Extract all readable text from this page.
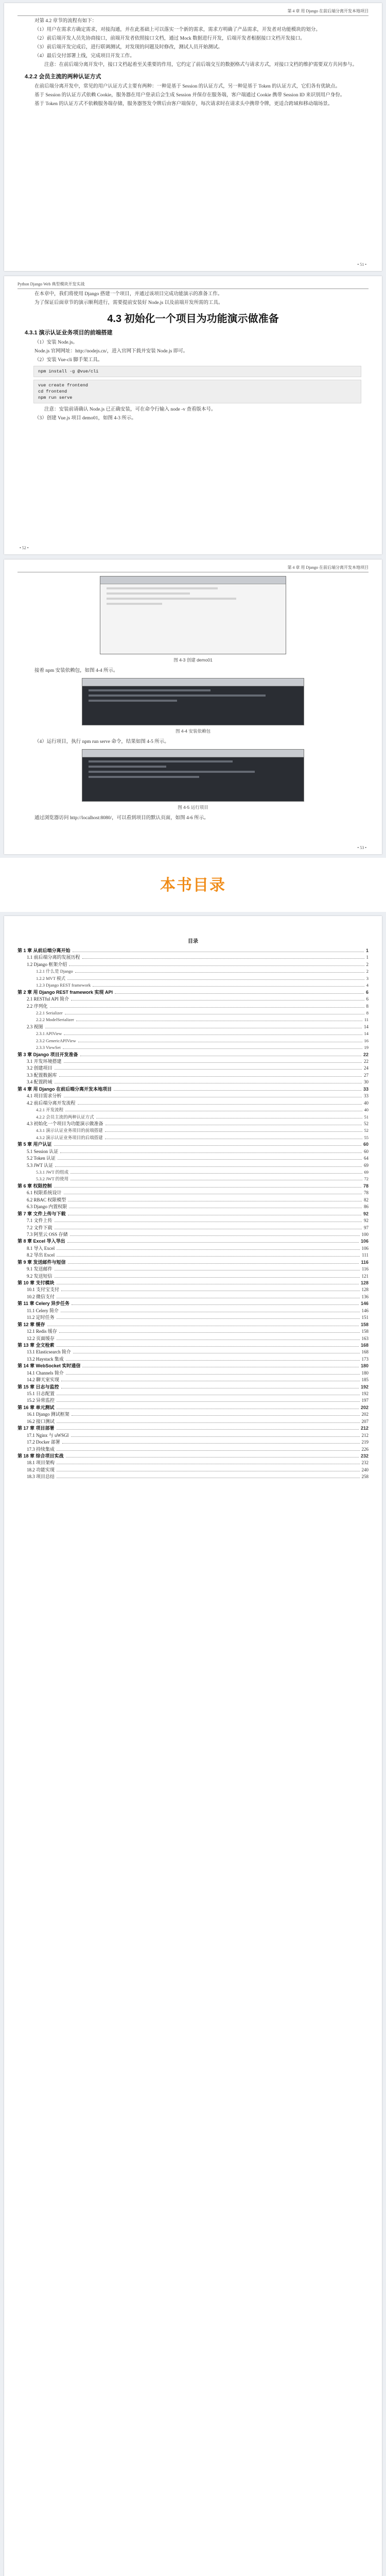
第 4 章 用 Django 在前后端分离开发本地项目

对第 4.2 章节的流程有如下：

（1）用户在需求方确定需求，对接沟通，并在此基础上可以落实一个新的需求，需求方明确了产品需求，开发者对功能模块的划分。

（2）前后端开发人员先协商接口，前端开发者依照接口文档，通过 Mock 数据进行开发，后端开发者根据接口文档开发接口。

（3）前后端开发完成后，进行联调测试，对发现的问题及时修改，测试人员开始测试。

（4）最后交付部署上线，完成项目开发工作。

注意：在前后端分离开发中，接口文档起着至关重要的作用，它约定了前后端交互的数据格式与请求方式，对接口文档的维护需要双方共同参与。

4.2.2 会员主流的两种认证方式

在前后端分离开发中，常见的用户认证方式主要有两种：一种是基于 Session 的认证方式，另一种是基于 Token 的认证方式，它们各有优缺点。

基于 Session 的认证方式依赖 Cookie，服务器在用户登录后会生成 Session 并保存在服务端，客户端通过 Cookie 携带 Session ID 来识别用户身份。

基于 Token 的认证方式不依赖服务端存储，服务器签发令牌后由客户端保存，每次请求时在请求头中携带令牌，更适合跨域和移动端场景。

• 51 •
Python Django Web 典型模块开发实战

在本章中，我们将使用 Django 搭建一个项目，并通过该项目完成功能演示的准备工作。

为了保证后面章节的演示顺利进行，需要提前安装好 Node.js 以及前端开发所需的工具。

4.3 初始化一个项目为功能演示做准备
4.3.1 演示认证业务项目的前端搭建

（1）安装 Node.js。

Node.js 官网网址：http://nodejs.cn/，进入官网下载并安装 Node.js 即可。

（2）安装 Vue-cli 脚手架工具。

npm install -g @vue/cli
vue create frontend
cd frontend
npm run serve

注意：安装前请确认 Node.js 已正确安装，可在命令行输入 node -v 查看版本号。

（3）创建 Vue.js 项目 demo01，如图 4-3 所示。

• 52 •
第 4 章 用 Django 在前后端分离开发本地项目
图 4-3 创建 demo01

接着 npm 安装依赖包，如图 4-4 所示。

图 4-4 安装依赖包

（4）运行项目，执行 npm run serve 命令，结果如图 4-5 所示。

图 4-5 运行项目

通过浏览器访问 http://localhost:8080/，可以看到项目的默认页面，如图 4-6 所示。

• 53 •
本书目录
目录
第 1 章 从前后端分离开始	1
1.1 前后端分离的发展历程	1
1.2 Django 框架介绍	2
1.2.1 什么是 Django	2
1.2.2 MVT 模式	3
1.2.3 Django REST framework	4
第 2 章 用 Django REST framework 实现 API	6
2.1 RESTful API 简介	6
2.2 序列化	8
2.2.1 Serializer	8
2.2.2 ModelSerializer	11
2.3 视图	14
2.3.1 APIView	14
2.3.2 GenericAPIView	16
2.3.3 ViewSet	19
第 3 章 Django 项目开发准备	22
3.1 开发环境搭建	22
3.2 创建项目	24
3.3 配置数据库	27
3.4 配置跨域	30
第 4 章 用 Django 在前后端分离开发本地项目	33
4.1 项目需求分析	33
4.2 前后端分离开发流程	40
4.2.1 开发流程	40
4.2.2 会员主流的两种认证方式	51
4.3 初始化一个项目为功能演示做准备	52
4.3.1 演示认证业务项目的前端搭建	52
4.3.2 演示认证业务项目的后端搭建	55
第 5 章 用户认证	60
5.1 Session 认证	60
5.2 Token 认证	64
5.3 JWT 认证	69
5.3.1 JWT 的组成	69
5.3.2 JWT 的使用	72
第 6 章 权限控制	78
6.1 权限系统设计	78
6.2 RBAC 权限模型	82
6.3 Django 内置权限	86
第 7 章 文件上传与下载	92
7.1 文件上传	92
7.2 文件下载	97
7.3 阿里云 OSS 存储	100
第 8 章 Excel 导入导出	106
8.1 导入 Excel	106
8.2 导出 Excel	111
第 9 章 发送邮件与短信	116
9.1 发送邮件	116
9.2 发送短信	121
第 10 章 支付模块	128
10.1 支付宝支付	128
10.2 微信支付	136
第 11 章 Celery 异步任务	146
11.1 Celery 简介	146
11.2 定时任务	151
第 12 章 缓存	158
12.1 Redis 缓存	158
12.2 页面缓存	163
第 13 章 全文检索	168
13.1 Elasticsearch 简介	168
13.2 Haystack 集成	173
第 14 章 WebSocket 实时通信	180
14.1 Channels 简介	180
14.2 聊天室实现	185
第 15 章 日志与监控	192
15.1 日志配置	192
15.2 异常监控	197
第 16 章 单元测试	202
16.1 Django 测试框架	202
16.2 接口测试	207
第 17 章 项目部署	212
17.1 Nginx 与 uWSGI	212
17.2 Docker 部署	219
17.3 持续集成	226
第 18 章 综合项目实战	232
18.1 项目架构	232
18.2 功能实现	240
18.3 项目总结	258
